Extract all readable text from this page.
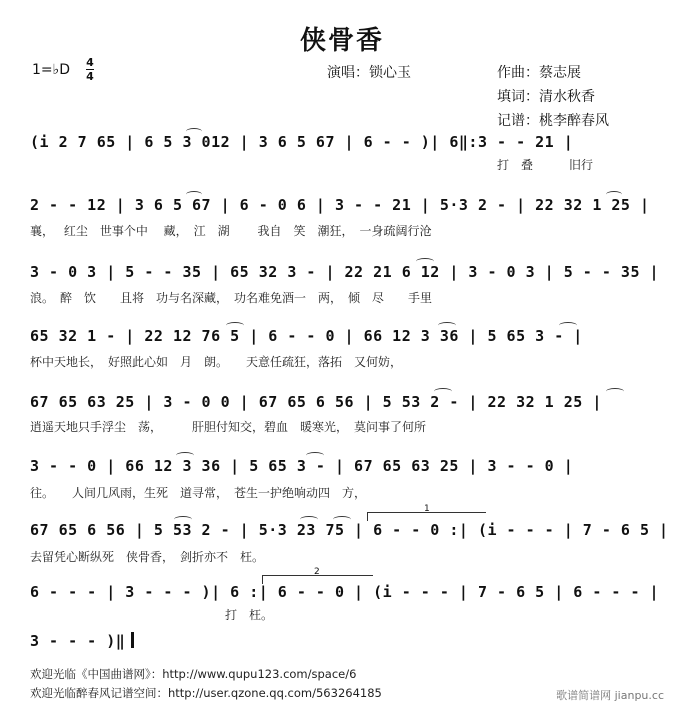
侠骨香
1=♭D 4
4	演唱：锁心玉	作曲：蔡志展
填词：清水秋香
记谱：桃李醉春风
(i 2 7 65 | 6 5 3 012 | 3 6 5 67 | 6 - - )| 6‖:3 - - 21 |
打　叠　　　旧行
2 - - 12 | 3 6 5 67 | 6 - 0 6 | 3 - - 21 | 5·3 2 - | 22 32 1 25 |
襄，　 红尘　世事个中　 藏，　江　湖　　 我自　笑　潮狂，　一身疏阔行沧
3 - 0 3 | 5 - - 35 | 65 32 3 - | 22 21 6 12 | 3 - 0 3 | 5 - - 35 |
浪。　醉　饮　　且将　功与名深藏，　功名难免酒一　两，　倾　尽　　手里
65 32 1 - | 22 12 76 5 | 6 - - 0 | 66 12 3 36 | 5 65 3 - |
杯中天地长，　好照此心如　月　朗。　　天意任疏狂，落拓　又何妨，
67 65 63 25 | 3 - 0 0 | 67 65 6 56 | 5 53 2 - | 22 32 1 25 |
逍遥天地只手浮尘　荡，　　　肝胆付知交，碧血　暖寒光，　莫问事了何所
3 - - 0 | 66 12 3 36 | 5 65 3 - | 67 65 63 25 | 3 - - 0 |
往。　　人间几风雨，生死　道寻常，　苍生一护绝响动四　方，
1
67 65 6 56 | 5 53 2 - | 5·3 23 75 | 6 - - 0 :| (i - - - | 7 - 6 5 |
去留凭心断纵死　侠骨香，　剑折亦不　枉。
2
6 - - - | 3 - - - )| 6 :| 6 - - 0 | (i - - - | 7 - 6 5 | 6 - - - |
打　枉。
3 - - - )‖
欢迎光临《中国曲谱网》：http://www.qupu123.com/space/6
欢迎光临醉春风记谱空间：http://user.qzone.qq.com/563264185	歌谱简谱网 jianpu.cc
